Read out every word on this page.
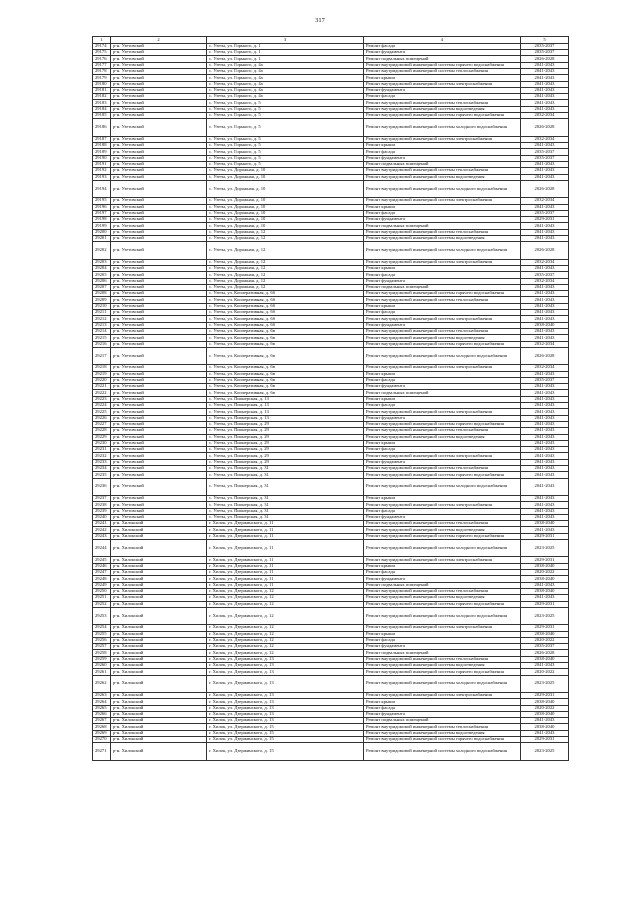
317
1	2	3	4	5
29174	р-н. Узетовский	с. Узеты, ул. Горького, д. 1	Ремонт фасада	2035-2037
29175	р-н. Узетовский	с. Узеты, ул. Горького, д. 1	Ремонт фундамента	2035-2037
29176	р-н. Узетовский	с. Узеты, ул. Горького, д. 1	Ремонт подвальных помещений	2026-2028
29177	р-н. Узетовский	с. Узеты, ул. Горького, д. 4а	Ремонт внутридомовой инженерной системы горячего водоснабжения	2041-2043
29178	р-н. Узетовский	с. Узеты, ул. Горького, д. 4а	Ремонт внутридомовой инженерной системы теплоснабжения	2041-2043
29179	р-н. Узетовский	с. Узеты, ул. Горького, д. 4а	Ремонт крыши	2041-2043
29180	р-н. Узетовский	с. Узеты, ул. Горького, д. 4а	Ремонт внутридомовой инженерной системы электроснабжения	2041-2043
29181	р-н. Узетовский	с. Узеты, ул. Горького, д. 4а	Ремонт фундамента	2041-2043
29182	р-н. Узетовский	с. Узеты, ул. Горького, д. 4а	Ремонт фасада	2041-2043
29183	р-н. Узетовский	с. Узеты, ул. Горького, д. 5	Ремонт внутридомовой инженерной системы теплоснабжения	2041-2043
29184	р-н. Узетовский	с. Узеты, ул. Горького, д. 5	Ремонт внутридомовой инженерной системы водоотведения	2041-2043
29185	р-н. Узетовский	с. Узеты, ул. Горького, д. 5	Ремонт внутридомовой инженерной системы горячего водоснабжения	2032-2034
29186	р-н. Узетовский	с. Узеты, ул. Горького, д. 5	Ремонт внутридомовой инженерной системы холодного водоснабжения	2026-2028
29187	р-н. Узетовский	с. Узеты, ул. Горького, д. 5	Ремонт внутридомовой инженерной системы электроснабжения	2032-2034
29188	р-н. Узетовский	с. Узеты, ул. Горького, д. 5	Ремонт крыши	2041-2043
29189	р-н. Узетовский	с. Узеты, ул. Горького, д. 5	Ремонт фасада	2035-2037
29190	р-н. Узетовский	с. Узеты, ул. Горького, д. 5	Ремонт фундамента	2035-2037
29191	р-н. Узетовский	с. Узеты, ул. Горького, д. 5	Ремонт подвальных помещений	2041-2043
29192	р-н. Узетовский	с. Узеты, ул. Дорожная, д. 10	Ремонт внутридомовой инженерной системы теплоснабжения	2041-2043
29193	р-н. Узетовский	с. Узеты, ул. Дорожная, д. 10	Ремонт внутридомовой инженерной системы водоотведения	2041-2043
29194	р-н. Узетовский	с. Узеты, ул. Дорожная, д. 10	Ремонт внутридомовой инженерной системы холодного водоснабжения	2026-2028
29195	р-н. Узетовский	с. Узеты, ул. Дорожная, д. 10	Ремонт внутридомовой инженерной системы электроснабжения	2032-2034
29196	р-н. Узетовский	с. Узеты, ул. Дорожная, д. 10	Ремонт крыши	2041-2043
29197	р-н. Узетовский	с. Узеты, ул. Дорожная, д. 10	Ремонт фасада	2035-2037
29198	р-н. Узетовский	с. Узеты, ул. Дорожная, д. 10	Ремонт фундамента	2029-2031
29199	р-н. Узетовский	с. Узеты, ул. Дорожная, д. 10	Ремонт подвальных помещений	2041-2043
29200	р-н. Узетовский	с. Узеты, ул. Дорожная, д. 12	Ремонт внутридомовой инженерной системы теплоснабжения	2041-2043
29201	р-н. Узетовский	с. Узеты, ул. Дорожная, д. 12	Ремонт внутридомовой инженерной системы водоотведения	2041-2043
29202	р-н. Узетовский	с. Узеты, ул. Дорожная, д. 12	Ремонт внутридомовой инженерной системы холодного водоснабжения	2026-2028
29203	р-н. Узетовский	с. Узеты, ул. Дорожная, д. 12	Ремонт внутридомовой инженерной системы электроснабжения	2032-2034
29204	р-н. Узетовский	с. Узеты, ул. Дорожная, д. 12	Ремонт крыши	2041-2043
29205	р-н. Узетовский	с. Узеты, ул. Дорожная, д. 12	Ремонт фасада	2035-2037
29206	р-н. Узетовский	с. Узеты, ул. Дорожная, д. 12	Ремонт фундамента	2032-2034
29207	р-н. Узетовский	с. Узеты, ул. Дорожная, д. 12	Ремонт подвальных помещений	2041-2043
29208	р-н. Узетовский	с. Узеты, ул. Кооперативная, д. 6б	Ремонт внутридомовой инженерной системы горячего водоснабжения	2041-2043
29209	р-н. Узетовский	с. Узеты, ул. Кооперативная, д. 6б	Ремонт внутридомовой инженерной системы теплоснабжения	2041-2043
29210	р-н. Узетовский	с. Узеты, ул. Кооперативная, д. 6б	Ремонт крыши	2041-2043
29211	р-н. Узетовский	с. Узеты, ул. Кооперативная, д. 6б	Ремонт фасада	2041-2043
29212	р-н. Узетовский	с. Узеты, ул. Кооперативная, д. 6б	Ремонт внутридомовой инженерной системы электроснабжения	2041-2043
29213	р-н. Узетовский	с. Узеты, ул. Кооперативная, д. 6б	Ремонт фундамента	2038-2040
29214	р-н. Узетовский	с. Узеты, ул. Кооперативная, д. 6в	Ремонт внутридомовой инженерной системы теплоснабжения	2041-2043
29215	р-н. Узетовский	с. Узеты, ул. Кооперативная, д. 6в	Ремонт внутридомовой инженерной системы водоотведения	2041-2043
29216	р-н. Узетовский	с. Узеты, ул. Кооперативная, д. 6в	Ремонт внутридомовой инженерной системы горячего водоснабжения	2032-2034
29217	р-н. Узетовский	с. Узеты, ул. Кооперативная, д. 6в	Ремонт внутридомовой инженерной системы холодного водоснабжения	2026-2028
29218	р-н. Узетовский	с. Узеты, ул. Кооперативная, д. 6в	Ремонт внутридомовой инженерной системы электроснабжения	2032-2034
29219	р-н. Узетовский	с. Узеты, ул. Кооперативная, д. 6в	Ремонт крыши	2041-2043
29220	р-н. Узетовский	с. Узеты, ул. Кооперативная, д. 6в	Ремонт фасада	2035-2037
29221	р-н. Узетовский	с. Узеты, ул. Кооперативная, д. 6в	Ремонт фундамента	2041-2043
29222	р-н. Узетовский	с. Узеты, ул. Кооперативная, д. 6в	Ремонт подвальных помещений	2041-2043
29223	р-н. Узетовский	с. Узеты, ул. Пионерская, д. 13	Ремонт крыши	2041-2043
29224	р-н. Узетовский	с. Узеты, ул. Пионерская, д. 13	Ремонт фасада	2041-2043
29225	р-н. Узетовский	с. Узеты, ул. Пионерская, д. 13	Ремонт внутридомовой инженерной системы электроснабжения	2041-2043
29226	р-н. Узетовский	с. Узеты, ул. Пионерская, д. 13	Ремонт фундамента	2041-2043
29227	р-н. Узетовский	с. Узеты, ул. Пионерская, д. 29	Ремонт внутридомовой инженерной системы горячего водоснабжения	2041-2043
29228	р-н. Узетовский	с. Узеты, ул. Пионерская, д. 29	Ремонт внутридомовой инженерной системы теплоснабжения	2041-2043
29229	р-н. Узетовский	с. Узеты, ул. Пионерская, д. 29	Ремонт внутридомовой инженерной системы водоотведения	2041-2043
29230	р-н. Узетовский	с. Узеты, ул. Пионерская, д. 29	Ремонт крыши	2041-2043
29231	р-н. Узетовский	с. Узеты, ул. Пионерская, д. 29	Ремонт фасада	2041-2043
29232	р-н. Узетовский	с. Узеты, ул. Пионерская, д. 29	Ремонт внутридомовой инженерной системы электроснабжения	2041-2043
29233	р-н. Узетовский	с. Узеты, ул. Пионерская, д. 29	Ремонт фундамента	2041-2043
29234	р-н. Узетовский	с. Узеты, ул. Пионерская, д. 31	Ремонт внутридомовой инженерной системы теплоснабжения	2041-2043
29235	р-н. Узетовский	с. Узеты, ул. Пионерская, д. 31	Ремонт внутридомовой инженерной системы горячего водоснабжения	2041-2043
29236	р-н. Узетовский	с. Узеты, ул. Пионерская, д. 31	Ремонт внутридомовой инженерной системы холодного водоснабжения	2041-2043
29237	р-н. Узетовский	с. Узеты, ул. Пионерская, д. 31	Ремонт крыши	2041-2043
29238	р-н. Узетовский	с. Узеты, ул. Пионерская, д. 31	Ремонт внутридомовой инженерной системы электроснабжения	2041-2043
29239	р-н. Узетовский	с. Узеты, ул. Пионерская, д. 31	Ремонт фасада	2041-2043
29240	р-н. Узетовский	с. Узеты, ул. Пионерская, д. 31	Ремонт фундамента	2041-2043
29241	р-н. Хилокский	г. Хилок, ул. Дзержинского, д. 11	Ремонт внутридомовой инженерной системы теплоснабжения	2038-2040
29242	р-н. Хилокский	г. Хилок, ул. Дзержинского, д. 11	Ремонт внутридомовой инженерной системы водоотведения	2041-2043
29243	р-н. Хилокский	г. Хилок, ул. Дзержинского, д. 11	Ремонт внутридомовой инженерной системы горячего водоснабжения	2029-2031
29244	р-н. Хилокский	г. Хилок, ул. Дзержинского, д. 11	Ремонт внутридомовой инженерной системы холодного водоснабжения	2023-2025
29245	р-н. Хилокский	г. Хилок, ул. Дзержинского, д. 11	Ремонт внутридомовой инженерной системы электроснабжения	2029-2031
29246	р-н. Хилокский	г. Хилок, ул. Дзержинского, д. 11	Ремонт крыши	2038-2040
29247	р-н. Хилокский	г. Хилок, ул. Дзержинского, д. 11	Ремонт фасада	2020-2022
29248	р-н. Хилокский	г. Хилок, ул. Дзержинского, д. 11	Ремонт фундамента	2038-2040
29249	р-н. Хилокский	г. Хилок, ул. Дзержинского, д. 11	Ремонт подвальных помещений	2041-2043
29250	р-н. Хилокский	г. Хилок, ул. Дзержинского, д. 12	Ремонт внутридомовой инженерной системы теплоснабжения	2038-2040
29251	р-н. Хилокский	г. Хилок, ул. Дзержинского, д. 12	Ремонт внутридомовой инженерной системы водоотведения	2041-2043
29252	р-н. Хилокский	г. Хилок, ул. Дзержинского, д. 12	Ремонт внутридомовой инженерной системы горячего водоснабжения	2029-2031
29253	р-н. Хилокский	г. Хилок, ул. Дзержинского, д. 12	Ремонт внутридомовой инженерной системы холодного водоснабжения	2023-2025
29254	р-н. Хилокский	г. Хилок, ул. Дзержинского, д. 12	Ремонт внутридомовой инженерной системы электроснабжения	2029-2031
29255	р-н. Хилокский	г. Хилок, ул. Дзержинского, д. 12	Ремонт крыши	2038-2040
29256	р-н. Хилокский	г. Хилок, ул. Дзержинского, д. 12	Ремонт фасада	2020-2022
29257	р-н. Хилокский	г. Хилок, ул. Дзержинского, д. 12	Ремонт фундамента	2035-2037
29258	р-н. Хилокский	г. Хилок, ул. Дзержинского, д. 12	Ремонт подвальных помещений	2026-2028
29259	р-н. Хилокский	г. Хилок, ул. Дзержинского, д. 13	Ремонт внутридомовой инженерной системы теплоснабжения	2038-2040
29260	р-н. Хилокский	г. Хилок, ул. Дзержинского, д. 13	Ремонт внутридомовой инженерной системы водоотведения	2041-2043
29261	р-н. Хилокский	г. Хилок, ул. Дзержинского, д. 13	Ремонт внутридомовой инженерной системы горячего водоснабжения	2020-2022
29262	р-н. Хилокский	г. Хилок, ул. Дзержинского, д. 13	Ремонт внутридомовой инженерной системы холодного водоснабжения	2023-2025
29263	р-н. Хилокский	г. Хилок, ул. Дзержинского, д. 13	Ремонт внутридомовой инженерной системы электроснабжения	2029-2031
29264	р-н. Хилокский	г. Хилок, ул. Дзержинского, д. 13	Ремонт крыши	2038-2040
29265	р-н. Хилокский	г. Хилок, ул. Дзержинского, д. 13	Ремонт фасада	2020-2022
29266	р-н. Хилокский	г. Хилок, ул. Дзержинского, д. 13	Ремонт фундамента	2038-2040
29267	р-н. Хилокский	г. Хилок, ул. Дзержинского, д. 13	Ремонт подвальных помещений	2041-2043
29268	р-н. Хилокский	г. Хилок, ул. Дзержинского, д. 15	Ремонт внутридомовой инженерной системы теплоснабжения	2038-2040
29269	р-н. Хилокский	г. Хилок, ул. Дзержинского, д. 15	Ремонт внутридомовой инженерной системы водоотведения	2041-2043
29270	р-н. Хилокский	г. Хилок, ул. Дзержинского, д. 15	Ремонт внутридомовой инженерной системы горячего водоснабжения	2029-2031
29271	р-н. Хилокский	г. Хилок, ул. Дзержинского, д. 15	Ремонт внутридомовой инженерной системы холодного водоснабжения	2023-2025
